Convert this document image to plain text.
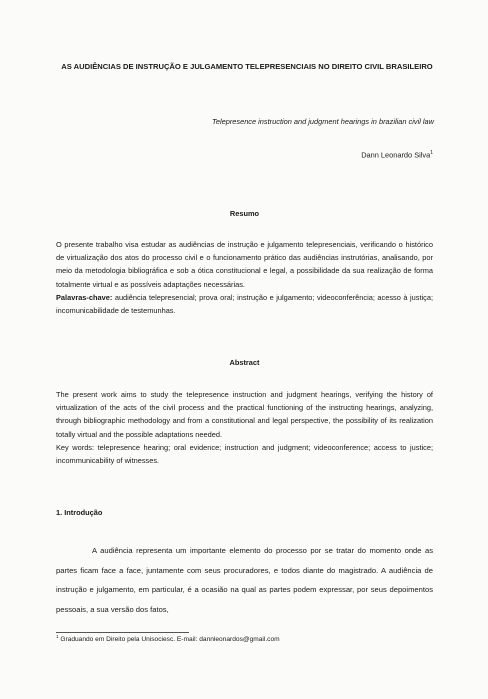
AS AUDIÊNCIAS DE INSTRUÇÃO E JULGAMENTO TELEPRESENCIAIS NO DIREITO CIVIL BRASILEIRO
Telepresence instruction and judgment hearings in brazilian civil law
Dann Leonardo Silva$^1$
Resumo
O presente trabalho visa estudar as audiências de instrução e julgamento telepresenciais, verificando o histórico de virtualização dos atos do processo civil e o funcionamento prático das audiências instrutórias, analisando, por meio da metodologia bibliográfica e sob a ótica constitucional e legal, a possibilidade da sua realização de forma totalmente virtual e as possíveis adaptações necessárias.
Palavras-chave: audiência telepresencial; prova oral; instrução e julgamento; videoconferência; acesso à justiça; incomunicabilidade de testemunhas.
Abstract
The present work aims to study the telepresence instruction and judgment hearings, verifying the history of virtualization of the acts of the civil process and the practical functioning of the instructing hearings, analyzing, through bibliographic methodology and from a constitutional and legal perspective, the possibility of its realization totally virtual and the possible adaptations needed.
Key words: telepresence hearing; oral evidence; instruction and judgment; videoconference; access to justice; incommunicability of witnesses.
1. Introdução
A audiência representa um importante elemento do processo por se tratar do momento onde as partes ficam face a face, juntamente com seus procuradores, e todos diante do magistrado. A audiência de instrução e julgamento, em particular, é a ocasião na qual as partes podem expressar, por seus depoimentos pessoais, a sua versão dos fatos,
$^1$ Graduando em Direito pela Unisociesc. E-mail: dannleonardos@gmail.com
